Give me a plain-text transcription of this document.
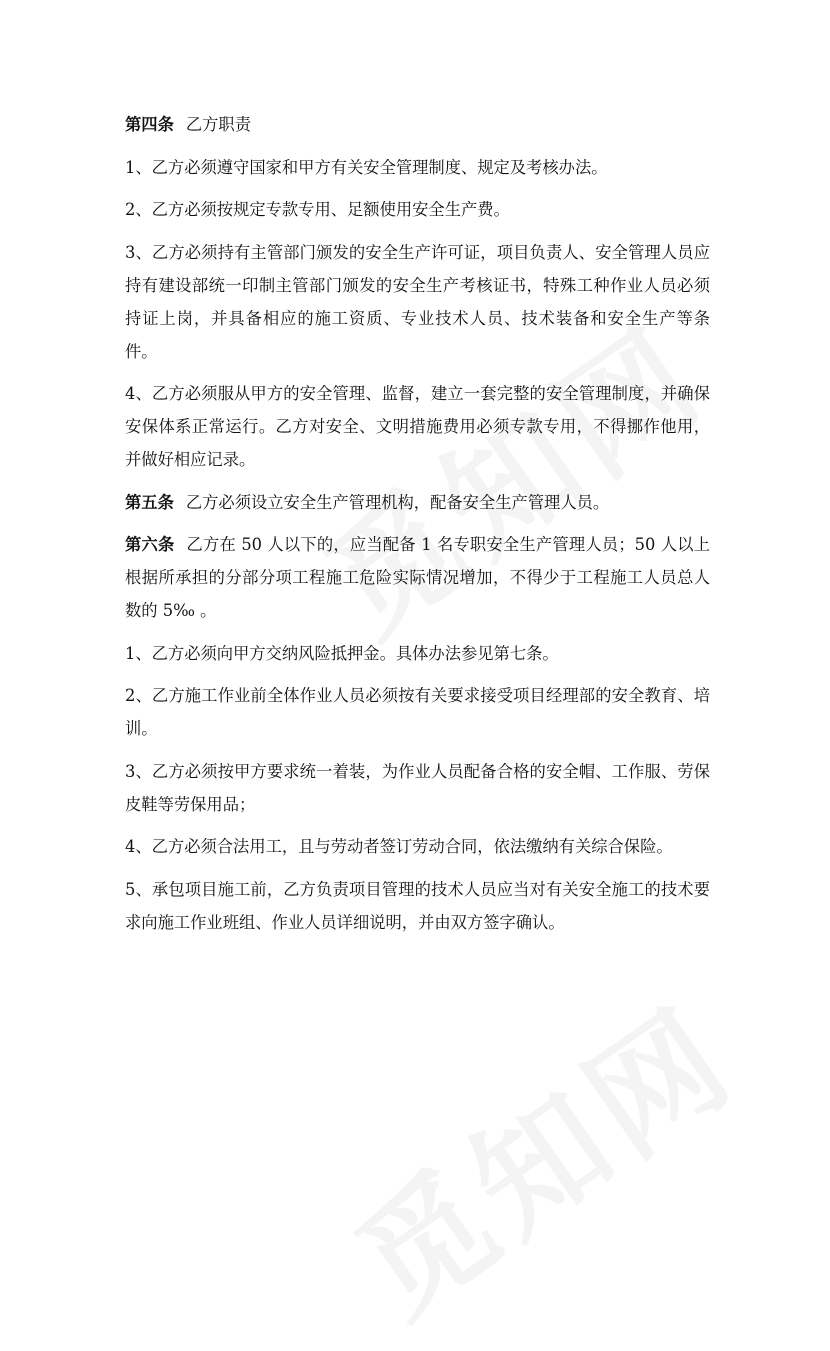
第四条 乙方职责

1、乙方必须遵守国家和甲方有关安全管理制度、规定及考核办法。

2、乙方必须按规定专款专用、足额使用安全生产费。

3、乙方必须持有主管部门颁发的安全生产许可证，项目负责人、安全管理人员应持有建设部统一印制主管部门颁发的安全生产考核证书，特殊工种作业人员必须持证上岗，并具备相应的施工资质、专业技术人员、技术装备和安全生产等条件。

4、乙方必须服从甲方的安全管理、监督，建立一套完整的安全管理制度，并确保安保体系正常运行。乙方对安全、文明措施费用必须专款专用，不得挪作他用，并做好相应记录。

第五条 乙方必须设立安全生产管理机构，配备安全生产管理人员。

第六条 乙方在 50 人以下的，应当配备 1 名专职安全生产管理人员；50 人以上根据所承担的分部分项工程施工危险实际情况增加，不得少于工程施工人员总人数的 5‰ 。

1、乙方必须向甲方交纳风险抵押金。具体办法参见第七条。

2、乙方施工作业前全体作业人员必须按有关要求接受项目经理部的安全教育、培训。

3、乙方必须按甲方要求统一着装，为作业人员配备合格的安全帽、工作服、劳保皮鞋等劳保用品；

4、乙方必须合法用工，且与劳动者签订劳动合同，依法缴纳有关综合保险。

5、承包项目施工前，乙方负责项目管理的技术人员应当对有关安全施工的技术要求向施工作业班组、作业人员详细说明，并由双方签字确认。
